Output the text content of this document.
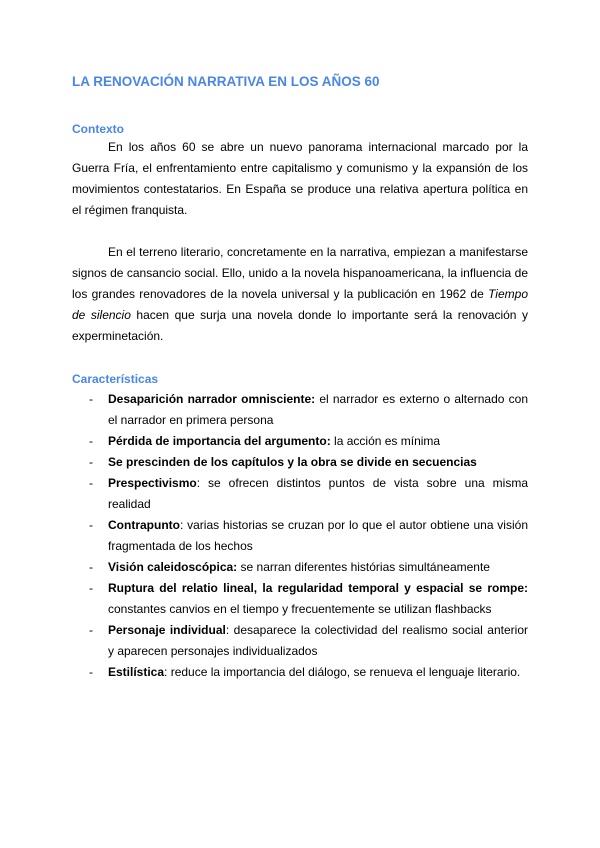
LA RENOVACIÓN NARRATIVA EN LOS AÑOS 60
Contexto

En los años 60 se abre un nuevo panorama internacional marcado por la Guerra Fría, el enfrentamiento entre capitalismo y comunismo y la expansión de los movimientos contestatarios. En España se produce una relativa apertura política en el régimen franquista.

En el terreno literario, concretamente en la narrativa, empiezan a manifestarse signos de cansancio social. Ello, unido a la novela hispanoamericana, la influencia de los grandes renovadores de la novela universal y la publicación en 1962 de Tiempo de silencio hacen que surja una novela donde lo importante será la renovación y experminetación.

Características
- Desaparición narrador omnisciente: el narrador es externo o alternado con el narrador en primera persona
- Pérdida de importancia del argumento: la acción es mínima
- Se prescinden de los capítulos y la obra se divide en secuencias
- Prespectivismo: se ofrecen distintos puntos de vista sobre una misma realidad
- Contrapunto: varias historias se cruzan por lo que el autor obtiene una visión fragmentada de los hechos
- Visión caleidoscópica: se narran diferentes histórias simultáneamente
- Ruptura del relatio lineal, la regularidad temporal y espacial se rompe: constantes canvios en el tiempo y frecuentemente se utilizan flashbacks
- Personaje individual: desaparece la colectividad del realismo social anterior y aparecen personajes individualizados
- Estilística: reduce la importancia del diálogo, se renueva el lenguaje literario.
